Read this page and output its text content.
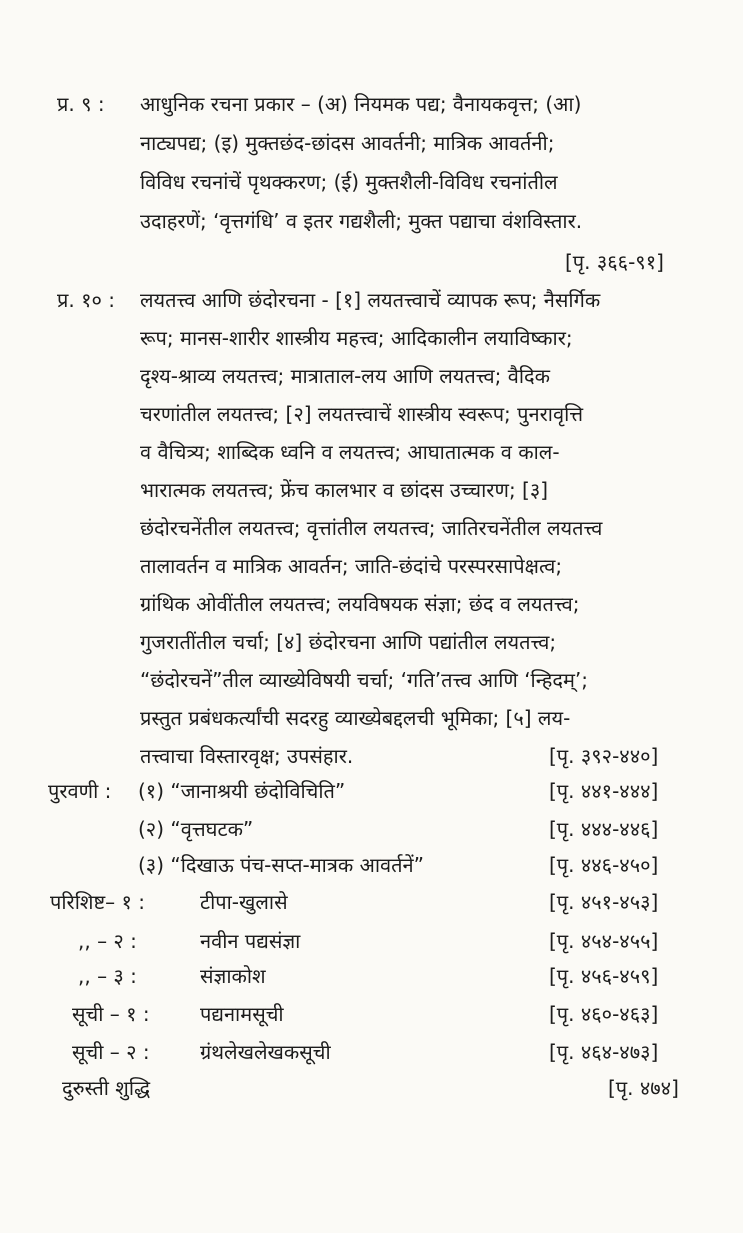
प्र. ९ : आधुनिक रचना प्रकार – (अ) नियमक पद्य; वैनायकवृत्त; (आ)
नाट्यपद्य; (इ) मुक्तछंद-छांदस आवर्तनी; मात्रिक आवर्तनी;
विविध रचनांचें पृथक्करण; (ई) मुक्तशैली-विविध रचनांतील
उदाहरणें; ‘वृत्तगंधि’ व इतर गद्यशैली; मुक्त पद्याचा वंशविस्तार.
[पृ. ३६६-९१]
प्र. १० : लयतत्त्व आणि छंदोरचना - [१] लयतत्त्वाचें व्यापक रूप; नैसर्गिक
रूप; मानस-शारीर शास्त्रीय महत्त्व; आदिकालीन लयाविष्कार;
दृश्य-श्राव्य लयतत्त्व; मात्राताल-लय आणि लयतत्त्व; वैदिक
चरणांतील लयतत्त्व; [२] लयतत्त्वाचें शास्त्रीय स्वरूप; पुनरावृत्ति
व वैचित्र्य; शाब्दिक ध्वनि व लयतत्त्व; आघातात्मक व काल-
भारात्मक लयतत्त्व; फ्रेंच कालभार व छांदस उच्चारण; [३]
छंदोरचनेंतील लयतत्त्व; वृत्तांतील लयतत्त्व; जातिरचनेंतील लयतत्त्व
तालावर्तन व मात्रिक आवर्तन; जाति-छंदांचे परस्परसापेक्षत्व;
ग्रांथिक ओवींतील लयतत्त्व; लयविषयक संज्ञा; छंद व लयतत्त्व;
गुजरातींतील चर्चा; [४] छंदोरचना आणि पद्यांतील लयतत्त्व;
“छंदोरचनें”तील व्याख्येविषयी चर्चा; ‘गति’तत्त्व आणि ‘न्हिदम्’;
प्रस्तुत प्रबंधकर्त्यांची सदरहु व्याख्येबद्दलची भूमिका; [५] लय-
तत्त्वाचा विस्तारवृक्ष; उपसंहार.	[पृ. ३९२-४४०]
पुरवणी : (१) “जानाश्रयी छंदोविचिति”	[पृ. ४४१-४४४]
(२) “वृत्तघटक”	[पृ. ४४४-४४६]
(३) “दिखाऊ पंच-सप्त-मात्रक आवर्तनें”	[पृ. ४४६-४५०]
परिशिष्ट– १ :	टीपा-खुलासे	[पृ. ४५१-४५३]
,, – २ :	नवीन पद्यसंज्ञा	[पृ. ४५४-४५५]
,, – ३ :	संज्ञाकोश	[पृ. ४५६-४५९]
सूची – १ :	पद्यनामसूची	[पृ. ४६०-४६३]
सूची – २ :	ग्रंथलेखलेखकसूची	[पृ. ४६४-४७३]
दुरुस्ती शुद्धि	[पृ. ४७४]
